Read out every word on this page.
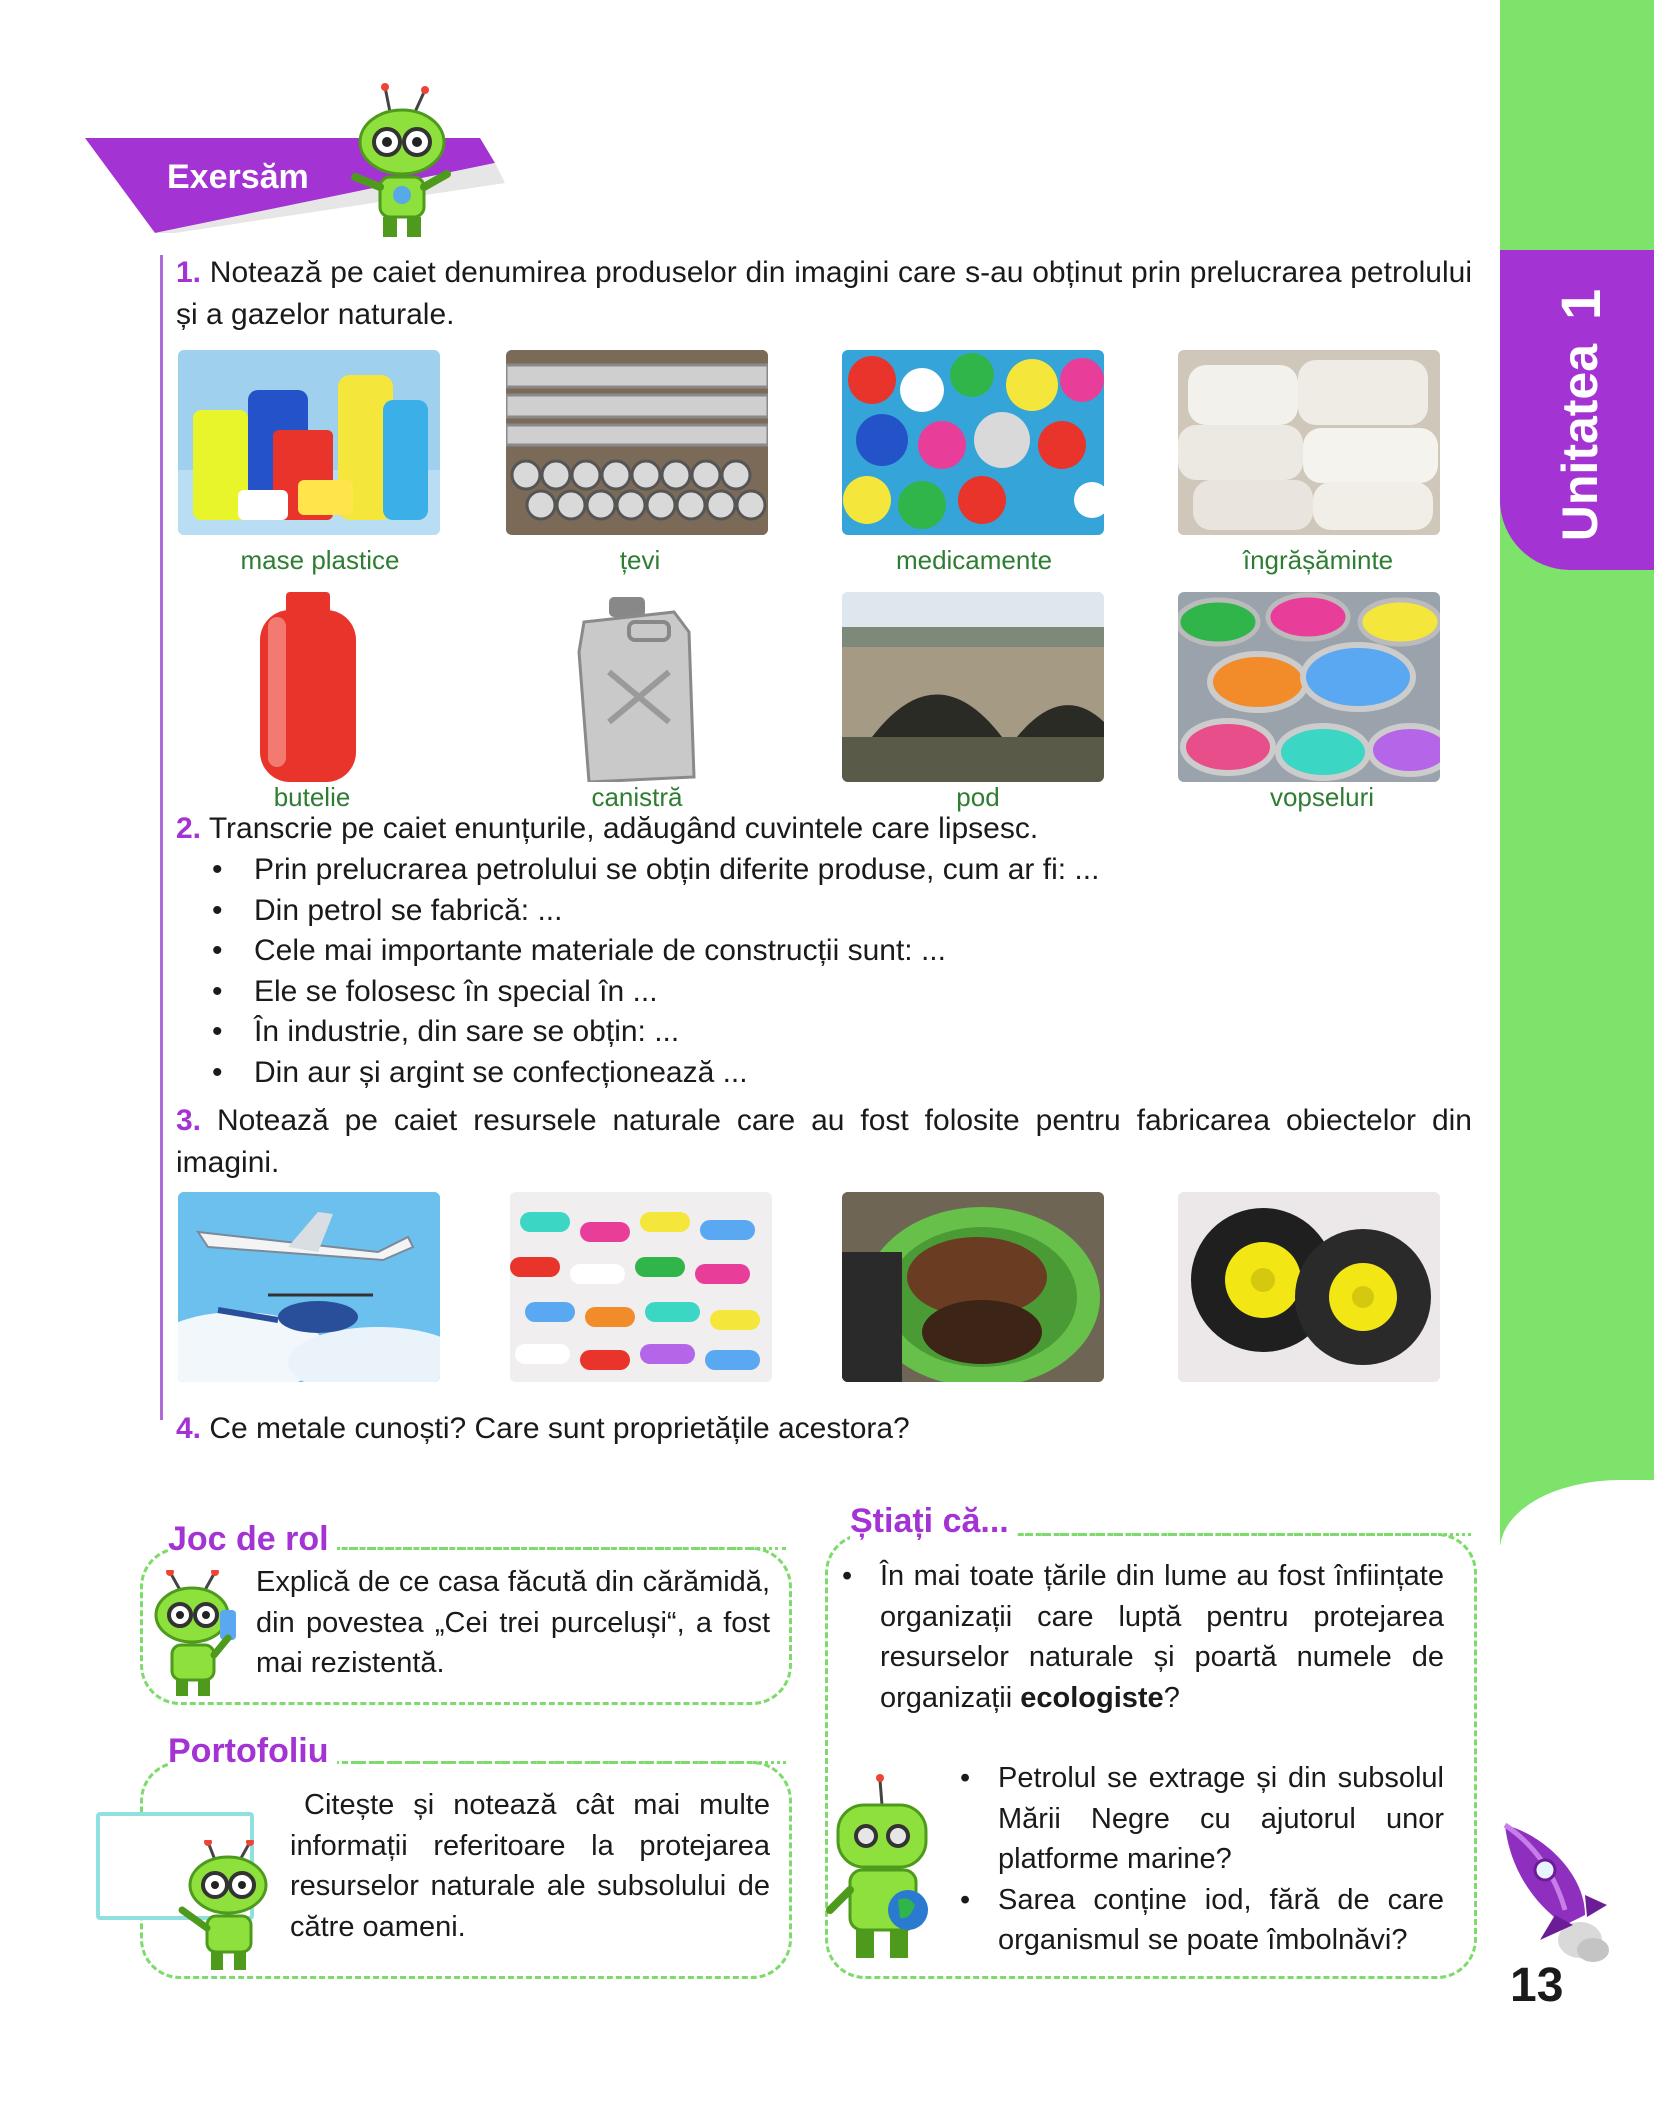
Unitatea
1
13
Exersăm
1. Notează pe caiet denumirea produselor din imagini care s-au obținut prin prelucrarea petrolului și a gazelor naturale.
mase plastice	țevi	medicamente	îngrășăminte
butelie	canistră	pod	vopseluri
2. Transcrie pe caiet enunțurile, adăugând cuvintele care lipsesc.
• Prin prelucrarea petrolului se obțin diferite produse, cum ar fi: ...
• Din petrol se fabrică: ...
• Cele mai importante materiale de construcții sunt: ...
• Ele se folosesc în special în ...
• În industrie, din sare se obțin: ...
• Din aur și argint se confecționează ...
3. Notează pe caiet resursele naturale care au fost folosite pentru fabricarea obiectelor din imagini.
4. Ce metale cunoști? Care sunt proprietățile acestora?
Joc de rol
Explică de ce casa făcută din cărămidă, din povestea „Cei trei purceluși“, a fost mai rezistentă.
Portofoliu
Citește și notează cât mai multe informații referitoare la protejarea resurselor naturale ale subsolului de către oameni.
Știați că...
• În mai toate țările din lume au fost înființate organizații care luptă pentru protejarea resurselor naturale și poartă numele de organizații ecologiste?
• Petrolul se extrage și din subsolul Mării Negre cu ajutorul unor platforme marine?
• Sarea conține iod, fără de care organismul se poate îmbolnăvi?
